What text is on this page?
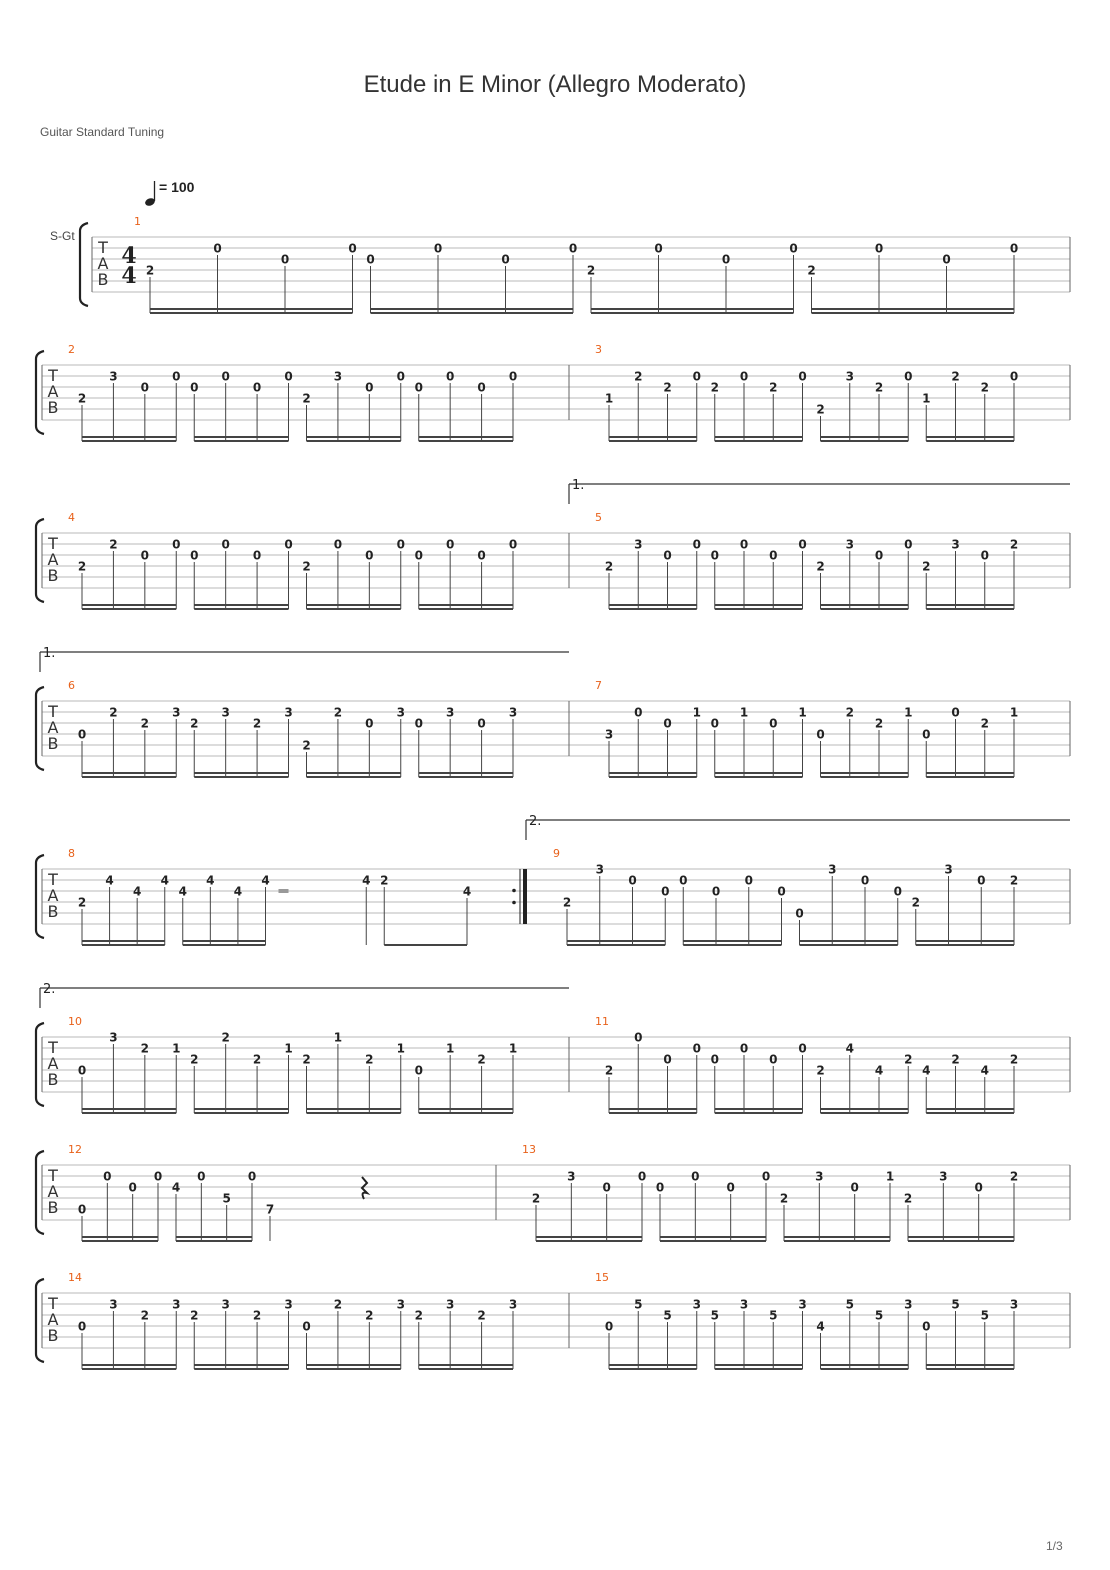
Etude in E Minor (Allegro Moderato)
Guitar Standard Tuning
= 100
S-Gt
1/3
T
A
B
4
4
1
2
0
0
0
0
0
0
0
2
0
0
0
2
0
0
0
T
A
B
2
2
3
0
0
0
0
0
0
2
3
0
0
0
0
0
0
3
1
2
2
0
2
0
2
0
2
3
2
0
1
2
2
0
T
A
B
4
2
2
0
0
0
0
0
0
2
0
0
0
0
0
0
0
5
2
3
0
0
0
0
0
0
2
3
0
0
2
3
0
2
T
A
B
6
0
2
2
3
2
3
2
3
2
2
0
3
0
3
0
3
7
3
0
0
1
0
1
0
1
0
2
2
1
0
0
2
1
T
A
B
8
2
4
4
4
4
4
4
4	4 2
4
9
2
3
0
0
0
0
0
0
0
3
0
0
2
3
0 2
T
A
B
10
0
3
2 1
2
2
2
1
2
1
2
1
0
1
2
1
11
2
0
0
0
0
0
0
0
2
4
4
2
4
2
4
2
T
A
B
12
0
0
0
0
4
0
5
0
7
13
2
3
0
0
0
0
0
0
2
3
0
1
2
3
0
2
T
A
B
14
0
3
2
3
2
3
2
3
0
2
2
3
2
3
2
3
15
0
5
5
3
5
3
5
3
4
5
5
3
0
5
5
3
1.
1.
2.
2.
